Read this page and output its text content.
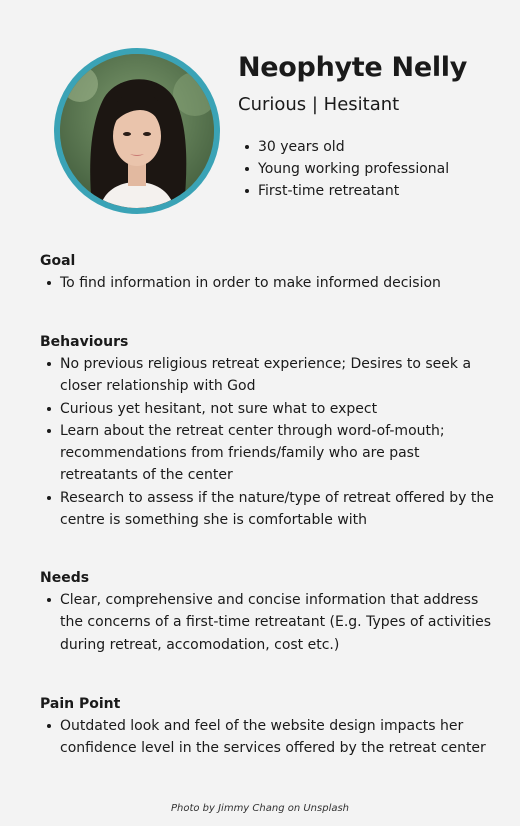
Neophyte Nelly
Curious | Hesitant
30 years old
Young working professional
First-time retreatant
Goal
To find information in order to make informed decision
Behaviours
No previous religious retreat experience; Desires to seek a closer relationship with God
Curious yet hesitant, not sure what to expect
Learn about the retreat center through word-of-mouth; recommendations from friends/family who are past retreatants of the center
Research to assess if the nature/type of retreat offered by the centre is something she is comfortable with
Needs
Clear, comprehensive and concise information that address the concerns of a first-time retreatant (E.g. Types of activities during retreat, accomodation, cost etc.)
Pain Point
Outdated look and feel of the website design impacts her confidence level in the services offered by the retreat center
Photo by Jimmy Chang on Unsplash
